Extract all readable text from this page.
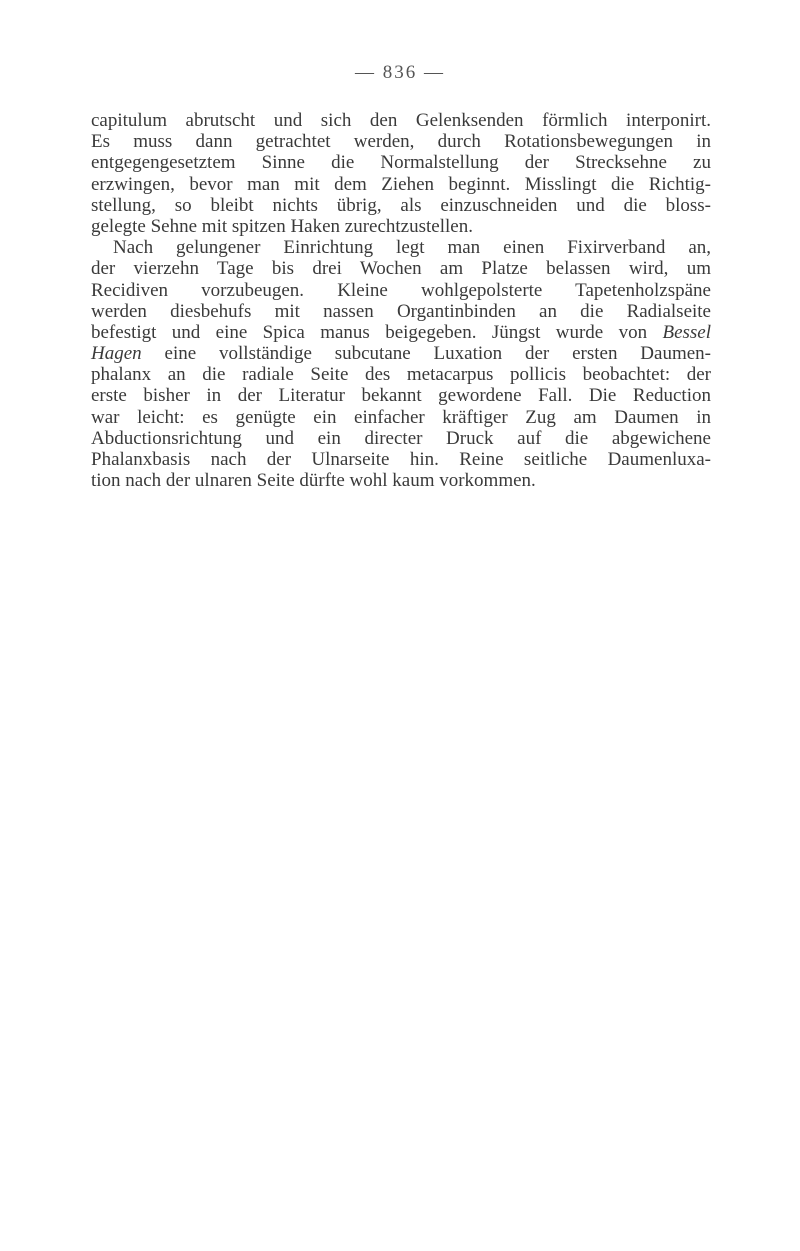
— 836 —
capitulum abrutscht und sich den Gelenksenden förmlich interponirt.
Es muss dann getrachtet werden, durch Rotationsbewegungen in
entgegengesetztem Sinne die Normalstellung der Strecksehne zu
erzwingen, bevor man mit dem Ziehen beginnt. Misslingt die Richtig-
stellung, so bleibt nichts übrig, als einzuschneiden und die bloss-
gelegte Sehne mit spitzen Haken zurechtzustellen.
Nach gelungener Einrichtung legt man einen Fixirverband an,
der vierzehn Tage bis drei Wochen am Platze belassen wird, um
Recidiven vorzubeugen. Kleine wohlgepolsterte Tapetenholzspäne
werden diesbehufs mit nassen Organtinbinden an die Radialseite
befestigt und eine Spica manus beigegeben. Jüngst wurde von Bessel
Hagen eine vollständige subcutane Luxation der ersten Daumen-
phalanx an die radiale Seite des metacarpus pollicis beobachtet: der
erste bisher in der Literatur bekannt gewordene Fall. Die Reduction
war leicht: es genügte ein einfacher kräftiger Zug am Daumen in
Abductionsrichtung und ein directer Druck auf die abgewichene
Phalanxbasis nach der Ulnarseite hin. Reine seitliche Daumenluxa-
tion nach der ulnaren Seite dürfte wohl kaum vorkommen.
